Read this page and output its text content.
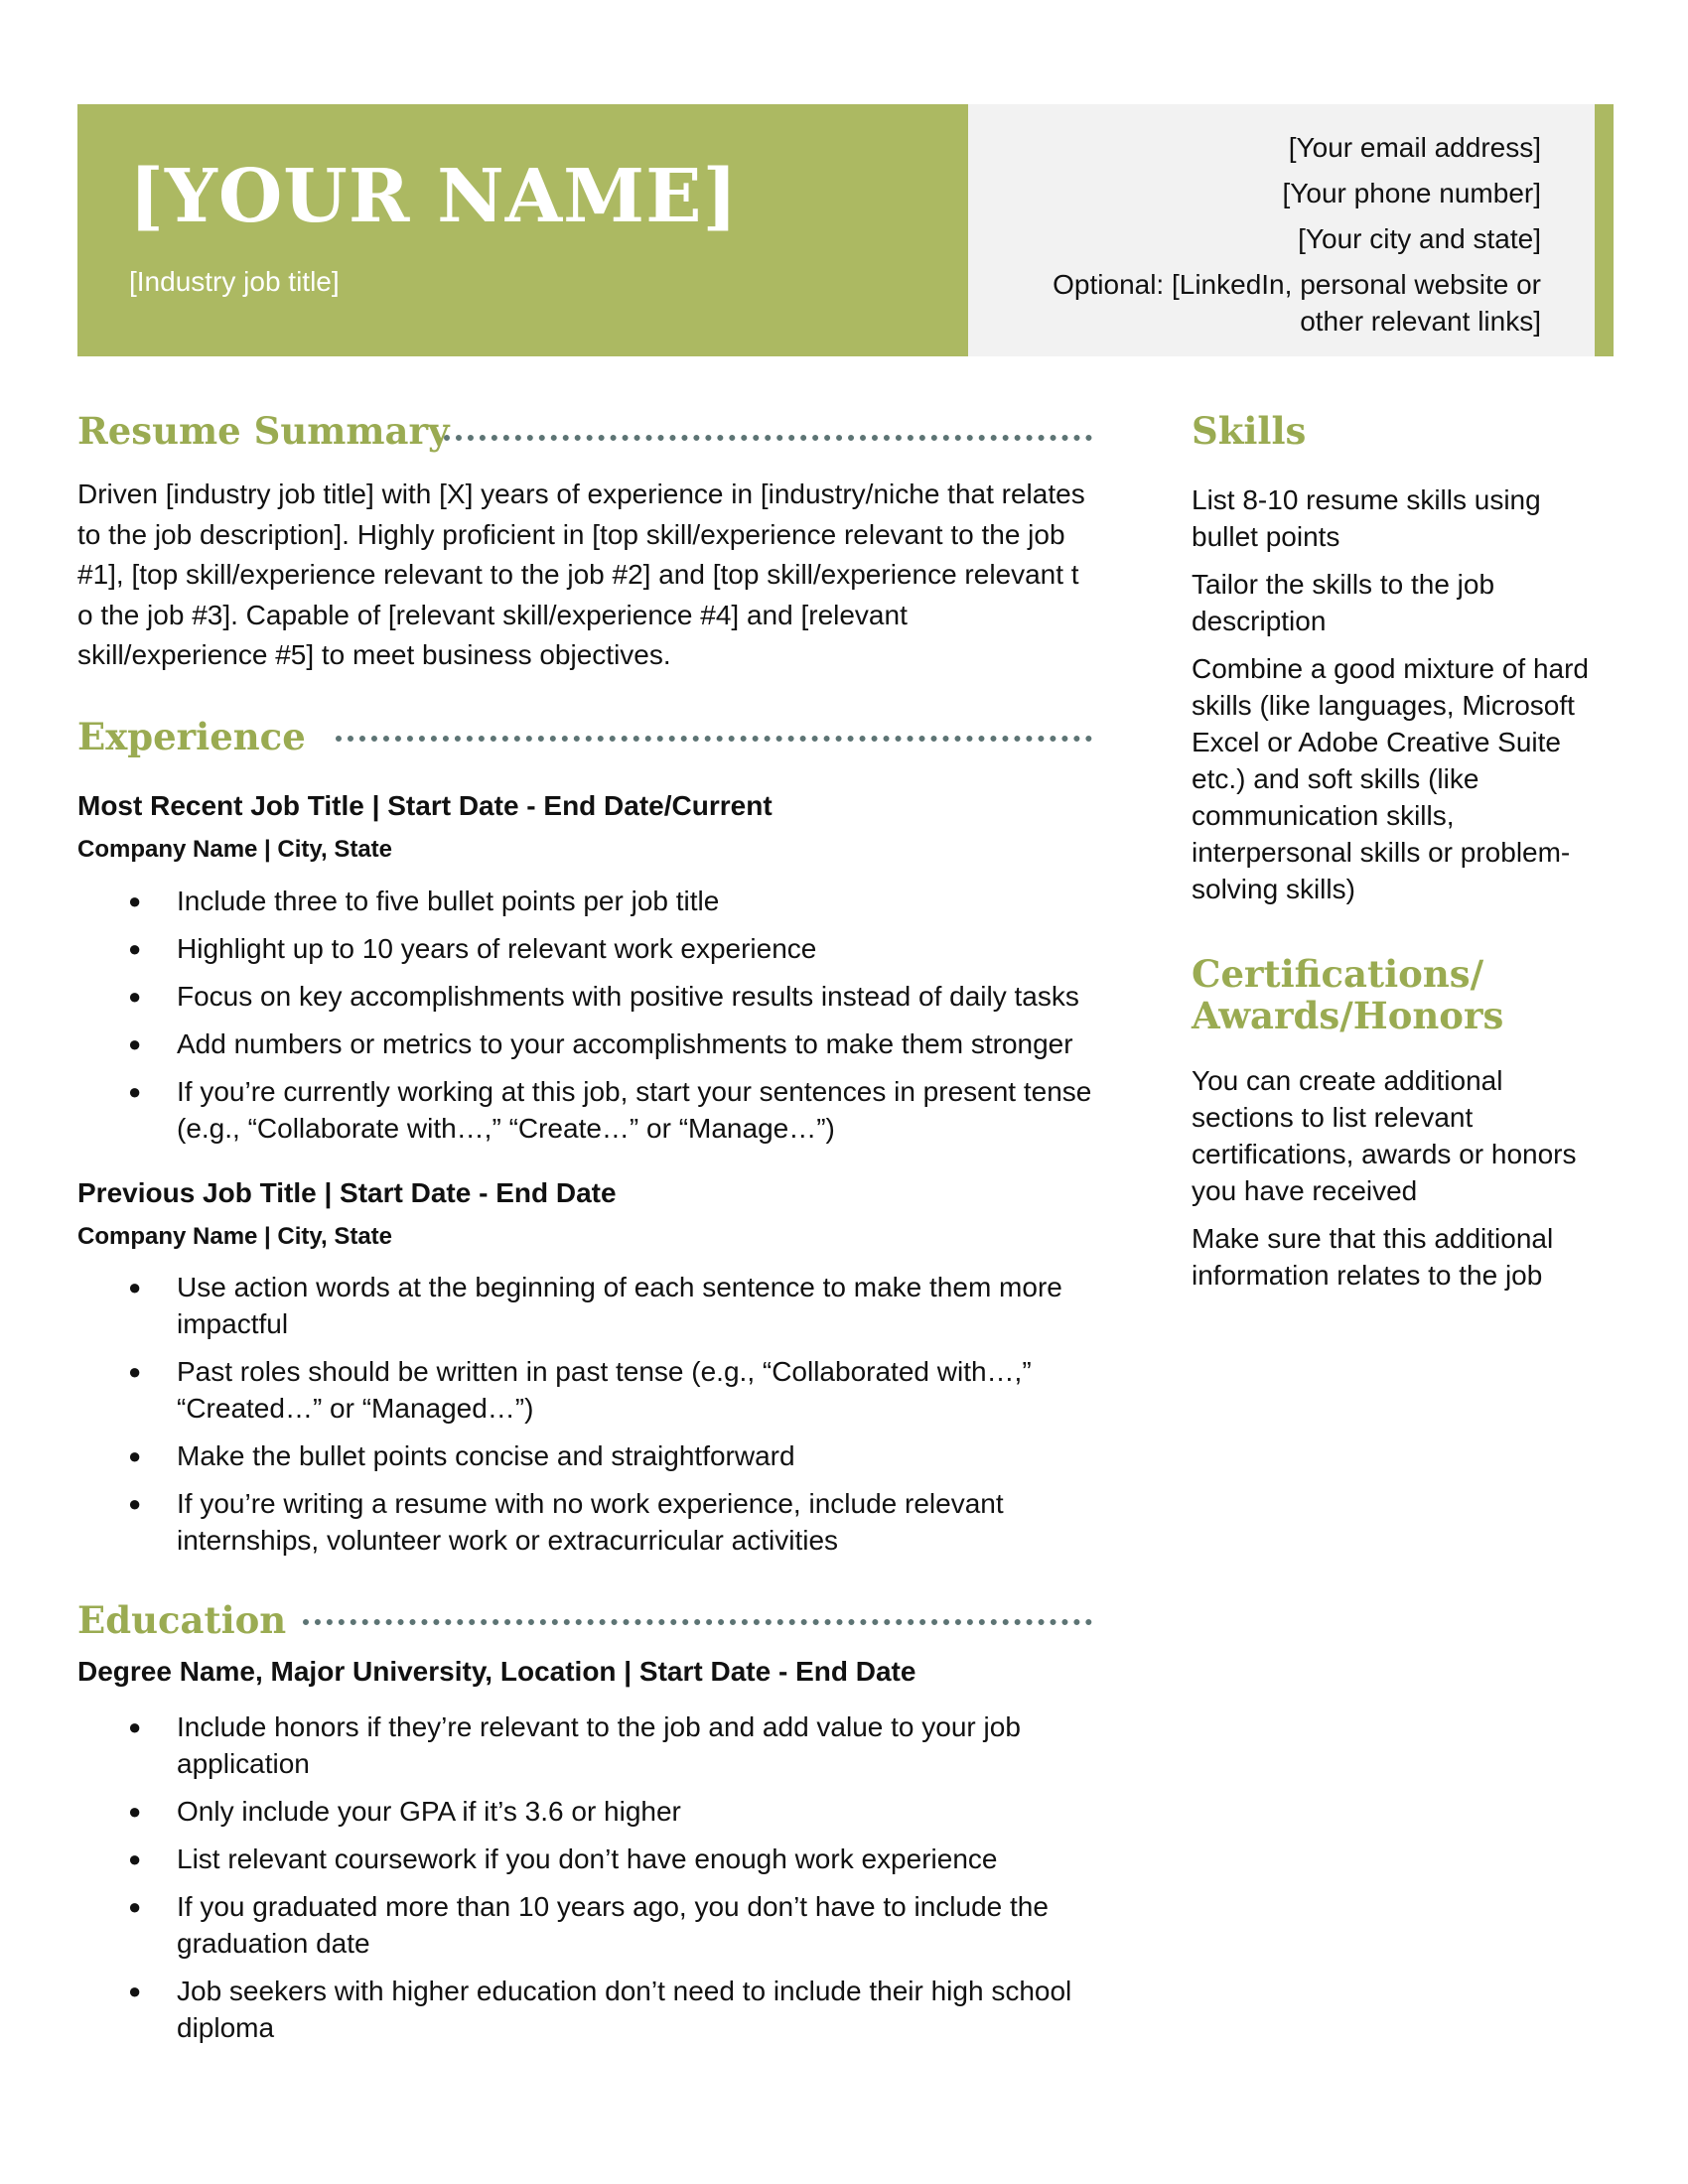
[YOUR NAME]
[Industry job title]
[Your email address]
[Your phone number]
[Your city and state]
Optional: [LinkedIn, personal website or other relevant links]
Resume Summary
Driven [industry job title] with [X] years of experience in [industry/niche that relates to the job description]. Highly proficient in [top skill/experience relevant to the job #1], [top skill/experience relevant to the job #2] and [top skill/experience relevant t o the job #3]. Capable of [relevant skill/experience #4] and [relevant skill/experience #5] to meet business objectives.
Experience
Most Recent Job Title | Start Date - End Date/Current
Company Name | City, State
● Include three to five bullet points per job title
● Highlight up to 10 years of relevant work experience
● Focus on key accomplishments with positive results instead of daily tasks
● Add numbers or metrics to your accomplishments to make them stronger
● If you’re currently working at this job, start your sentences in present tense (e.g., “Collaborate with…,” “Create…” or “Manage…”)
Previous Job Title | Start Date - End Date
Company Name | City, State
● Use action words at the beginning of each sentence to make them more impactful
● Past roles should be written in past tense (e.g., “Collaborated with…,” “Created…” or “Managed…”)
● Make the bullet points concise and straightforward
● If you’re writing a resume with no work experience, include relevant internships, volunteer work or extracurricular activities
Education
Degree Name, Major University, Location | Start Date - End Date
● Include honors if they’re relevant to the job and add value to your job application
● Only include your GPA if it’s 3.6 or higher
● List relevant coursework if you don’t have enough work experience
● If you graduated more than 10 years ago, you don’t have to include the graduation date
● Job seekers with higher education don’t need to include their high school diploma
Skills

List 8-10 resume skills using bullet points

Tailor the skills to the job description

Combine a good mixture of hard skills (like languages, Microsoft Excel or Adobe Creative Suite etc.) and soft skills (like communication skills, interpersonal skills or problem-solving skills)

Certifications/
Awards/Honors

You can create additional sections to list relevant certifications, awards or honors you have received

Make sure that this additional information relates to the job
